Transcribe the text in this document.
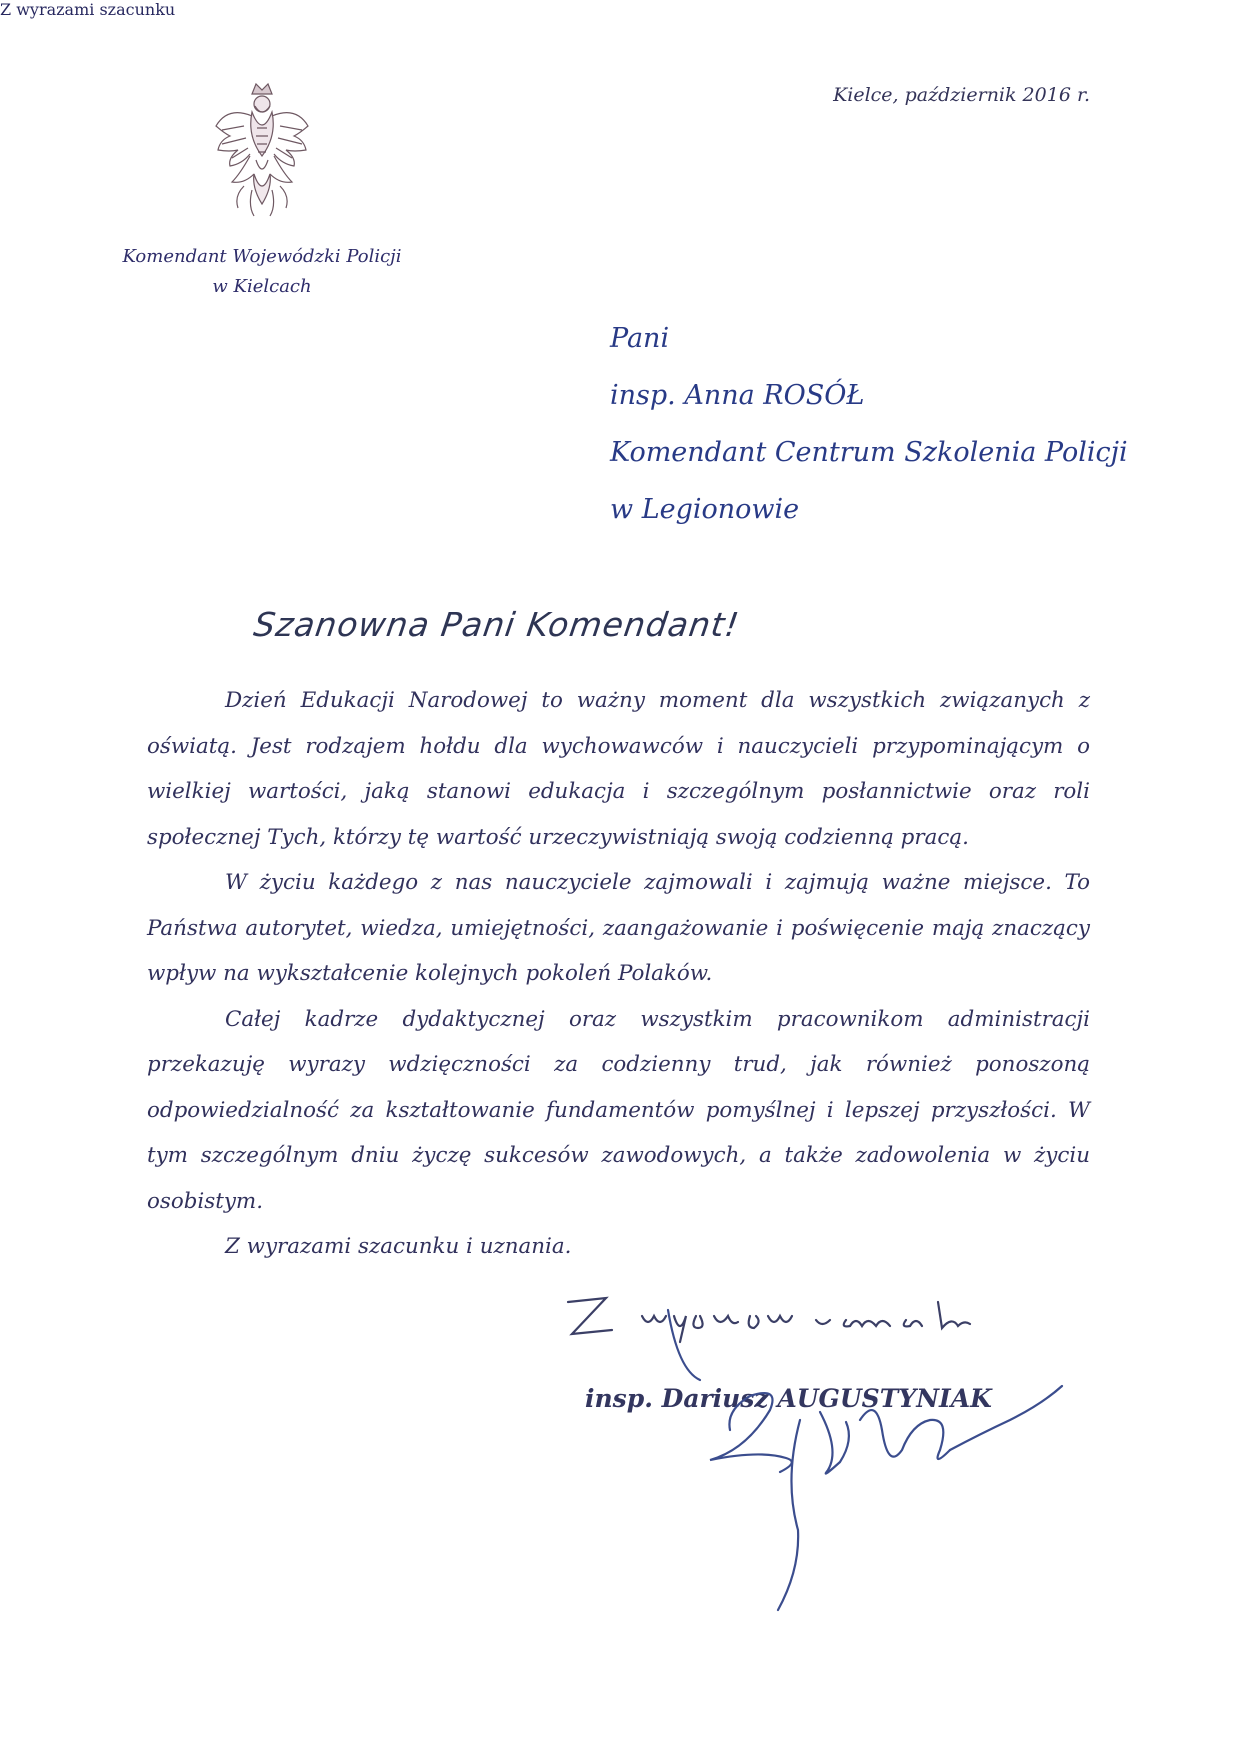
Komendant Wojewódzki Policji
w Kielcach
Kielce, październik 2016 r.
Pani
insp. Anna ROSÓŁ
Komendant Centrum Szkolenia Policji
w Legionowie
Szanowna Pani Komendant!

Dzień Edukacji Narodowej to ważny moment dla wszystkich związanych z oświatą. Jest rodzajem hołdu dla wychowawców i nauczycieli przypominającym o wielkiej wartości, jaką stanowi edukacja i szczególnym posłannictwie oraz roli społecznej Tych, którzy tę wartość urzeczywistniają swoją codzienną pracą.

W życiu każdego z nas nauczyciele zajmowali i zajmują ważne miejsce. To Państwa autorytet, wiedza, umiejętności, zaangażowanie i poświęcenie mają znaczący wpływ na wykształcenie kolejnych pokoleń Polaków.

Całej kadrze dydaktycznej oraz wszystkim pracownikom administracji przekazuję wyrazy wdzięczności za codzienny trud, jak również ponoszoną odpowiedzialność za kształtowanie fundamentów pomyślnej i lepszej przyszłości. W tym szczególnym dniu życzę sukcesów zawodowych, a także zadowolenia w życiu osobistym.

Z wyrazami szacunku i uznania.
Z wyrazami szacunku
insp. Dariusz AUGUSTYNIAK
